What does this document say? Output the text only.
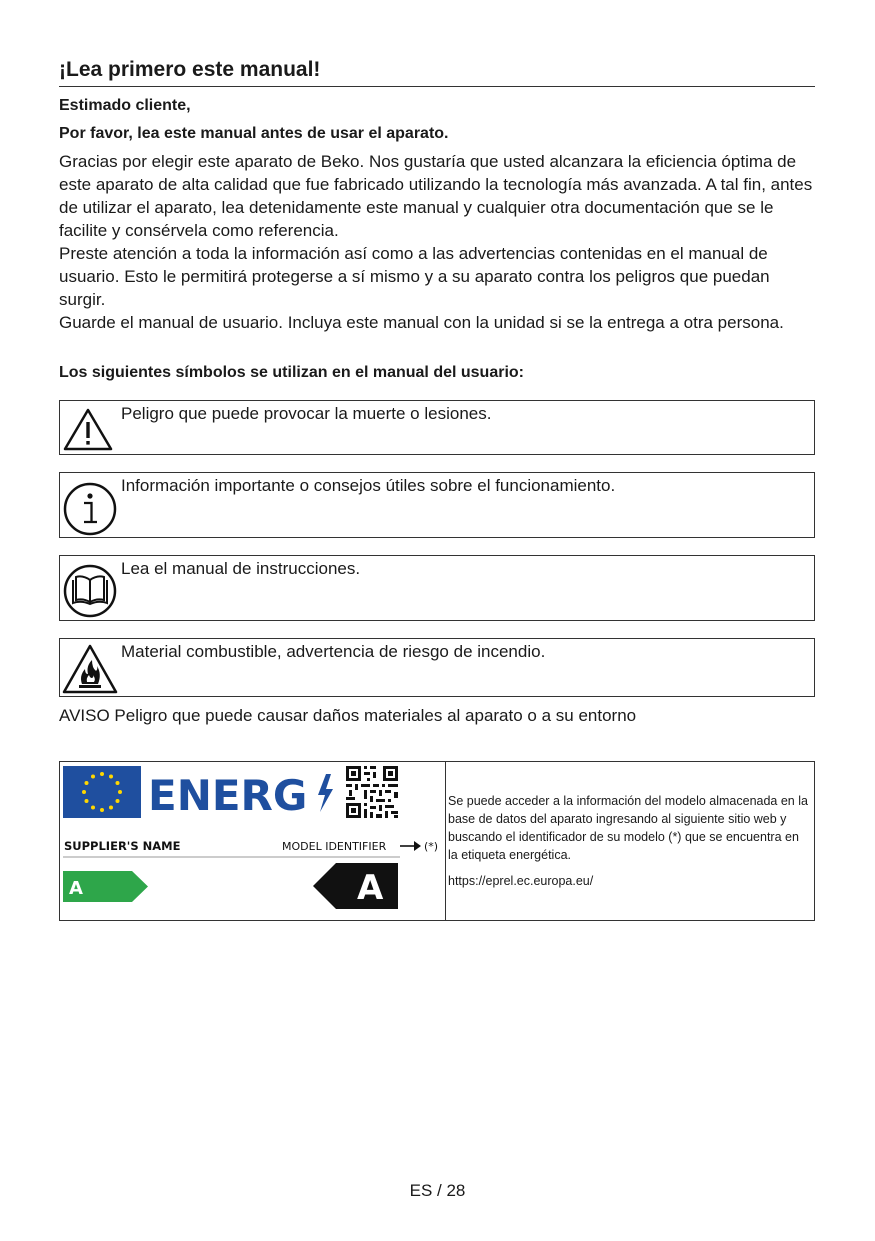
¡Lea primero este manual!

Estimado cliente,

Por favor, lea este manual antes de usar el aparato.

Gracias por elegir este aparato de Beko. Nos gustaría que usted alcanzara la eficiencia óptima de este aparato de alta calidad que fue fabricado utilizando la tecnología más avanzada. A tal fin, antes de utilizar el aparato, lea detenidamente este manual y cualquier otra documentación que se le facilite y consérvela como referencia.

Preste atención a toda la información así como a las advertencias contenidas en el manual de usuario. Esto le permitirá protegerse a sí mismo y a su aparato contra los peligros que puedan surgir.

Guarde el manual de usuario. Incluya este manual con la unidad si se la entrega a otra persona.

Los siguientes símbolos se utilizan en el manual del usuario:

Peligro que puede provocar la muerte o lesiones.
Información importante o consejos útiles sobre el funcionamiento.
Lea el manual de instrucciones.
Material combustible, advertencia de riesgo de incendio.

AVISO Peligro que puede causar daños materiales al aparato o a su entorno

ENERG
SUPPLIER'S NAME	MODEL IDENTIFIER	(*)
A	A

Se puede acceder a la información del modelo almacenada en la base de datos del aparato ingresando al siguiente sitio web y buscando el identificador de su modelo (*) que se encuentra en la etiqueta energética.

https://eprel.ec.europa.eu/

ES / 28
